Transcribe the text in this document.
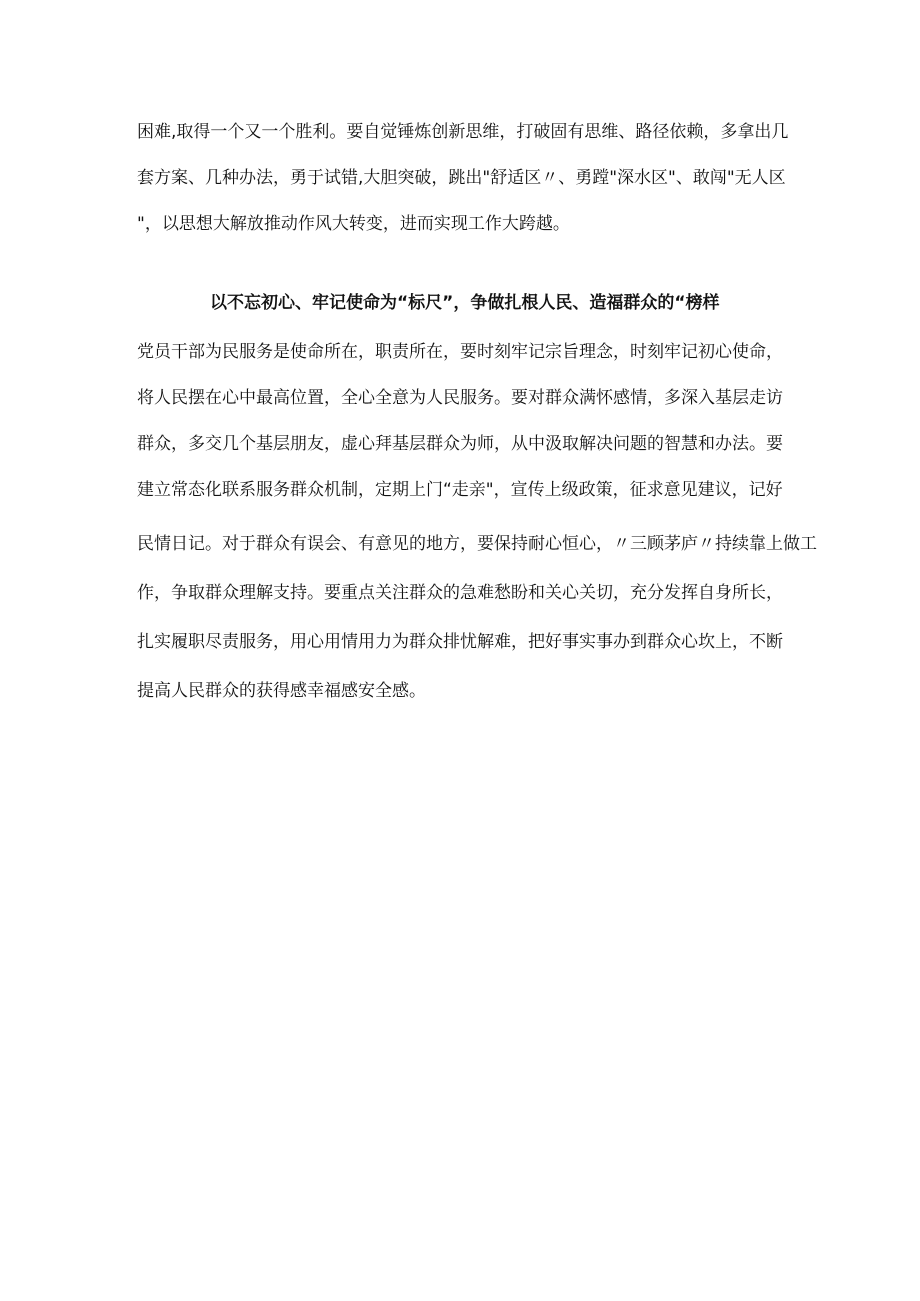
困难,取得一个又一个胜利。要自觉锤炼创新思维，打破固有思维、路径依赖，多拿出几
套方案、几种办法，勇于试错,大胆突破，跳出"舒适区〃、勇蹚"深水区"、敢闯"无人区
"，以思想大解放推动作风大转变，进而实现工作大跨越。
以不忘初心、牢记使命为“标尺”，争做扎根人民、造福群众的“榜样
党员干部为民服务是使命所在，职责所在，要时刻牢记宗旨理念，时刻牢记初心使命，
将人民摆在心中最高位置，全心全意为人民服务。要对群众满怀感情，多深入基层走访
群众，多交几个基层朋友，虚心拜基层群众为师，从中汲取解决问题的智慧和办法。要
建立常态化联系服务群众机制，定期上门“走亲"，宣传上级政策，征求意见建议，记好
民情日记。对于群众有误会、有意见的地方，要保持耐心恒心，〃三顾茅庐〃持续靠上做工
作，争取群众理解支持。要重点关注群众的急难愁盼和关心关切，充分发挥自身所长，
扎实履职尽责服务，用心用情用力为群众排忧解难，把好事实事办到群众心坎上，不断
提高人民群众的获得感幸福感安全感。
